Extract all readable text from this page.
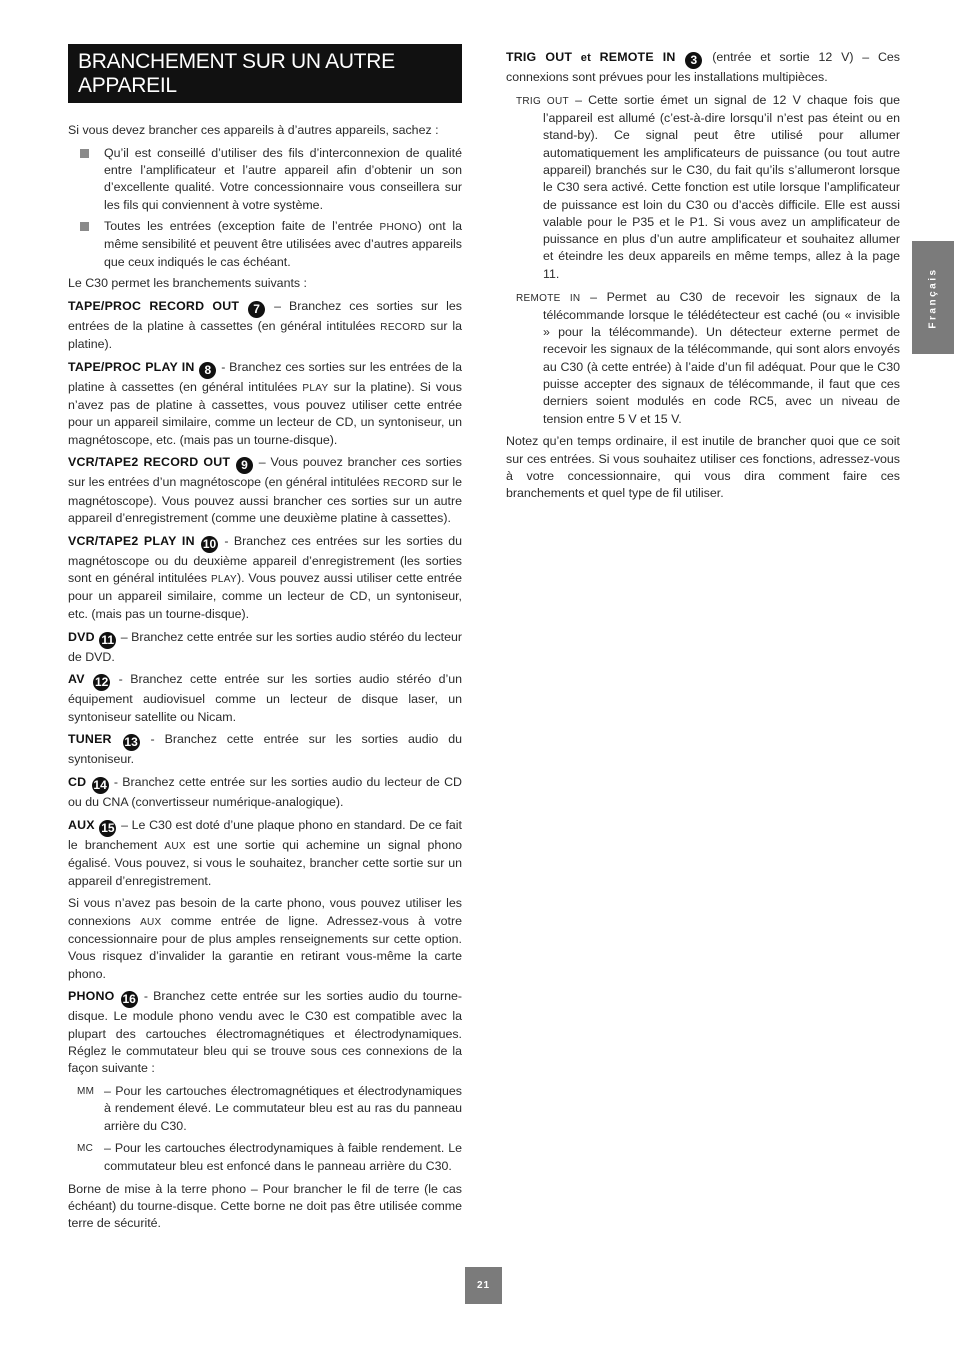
BRANCHEMENT SUR UN AUTRE APPAREIL

Si vous devez brancher ces appareils à d’autres appareils, sachez :

Qu’il est conseillé d’utiliser des fils d’interconnexion de qualité entre l’amplificateur et l’autre appareil afin d’obtenir un son d’excellente qualité. Votre concessionnaire vous conseillera sur les fils qui conviennent à votre système.
Toutes les entrées (exception faite de l’entrée PHONO) ont la même sensibilité et peuvent être utilisées avec d’autres appareils que ceux indiqués le cas échéant.

Le C30 permet les branchements suivants :

TAPE/PROC RECORD OUT 7 – Branchez ces sorties sur les entrées de la platine à cassettes (en général intitulées RECORD sur la platine).

TAPE/PROC PLAY IN 8 - Branchez ces sorties sur les entrées de la platine à cassettes (en général intitulées PLAY sur la platine). Si vous n’avez pas de platine à cassettes, vous pouvez utiliser cette entrée pour un appareil similaire, comme un lecteur de CD, un syntoniseur, un magnétoscope, etc. (mais pas un tourne-disque).

VCR/TAPE2 RECORD OUT 9 – Vous pouvez brancher ces sorties sur les entrées d’un magnétoscope (en général intitulées RECORD sur le magnétoscope). Vous pouvez aussi brancher ces sorties sur un autre appareil d’enregistrement (comme une deuxième platine à cassettes).

VCR/TAPE2 PLAY IN 10 - Branchez ces entrées sur les sorties du magnétoscope ou du deuxième appareil d’enregistrement (les sorties sont en général intitulées PLAY). Vous pouvez aussi utiliser cette entrée pour un appareil similaire, comme un lecteur de CD, un syntoniseur, etc. (mais pas un tourne-disque).

DVD 11 – Branchez cette entrée sur les sorties audio stéréo du lecteur de DVD.

AV 12 - Branchez cette entrée sur les sorties audio stéréo d’un équipement audiovisuel comme un lecteur de disque laser, un syntoniseur satellite ou Nicam.

TUNER 13 - Branchez cette entrée sur les sorties audio du syntoniseur.

CD 14 - Branchez cette entrée sur les sorties audio du lecteur de CD ou du CNA (convertisseur numérique-analogique).

AUX 15 – Le C30 est doté d’une plaque phono en standard. De ce fait le branchement AUX est une sortie qui achemine un signal phono égalisé. Vous pouvez, si vous le souhaitez, brancher cette sortie sur un appareil d’enregistrement.

Si vous n’avez pas besoin de la carte phono, vous pouvez utiliser les connexions AUX comme entrée de ligne. Adressez-vous à votre concessionnaire pour de plus amples renseignements sur cette option. Vous risquez d’invalider la garantie en retirant vous-même la carte phono.

PHONO 16 - Branchez cette entrée sur les sorties audio du tourne-disque. Le module phono vendu avec le C30 est compatible avec la plupart des cartouches électromagnétiques et électrodynamiques. Réglez le commutateur bleu qui se trouve sous ces connexions de la façon suivante :

MM – Pour les cartouches électromagnétiques et électrodynamiques à rendement élevé. Le commutateur bleu est au ras du panneau arrière du C30.
MC – Pour les cartouches électrodynamiques à faible rendement. Le commutateur bleu est enfoncé dans le panneau arrière du C30.

Borne de mise à la terre phono – Pour brancher le fil de terre (le cas échéant) du tourne-disque. Cette borne ne doit pas être utilisée comme terre de sécurité.

TRIG OUT et REMOTE IN 3 (entrée et sortie 12 V) – Ces connexions sont prévues pour les installations multipièces.

TRIG OUT – Cette sortie émet un signal de 12 V chaque fois que l’appareil est allumé (c’est-à-dire lorsqu’il n’est pas éteint ou en stand-by). Ce signal peut être utilisé pour allumer automatiquement les amplificateurs de puissance (ou tout autre appareil) branchés sur le C30, du fait qu’ils s’allumeront lorsque le C30 sera activé. Cette fonction est utile lorsque l’amplificateur de puissance est loin du C30 ou d’accès difficile. Elle est aussi valable pour le P35 et le P1. Si vous avez un amplificateur de puissance en plus d’un autre amplificateur et souhaitez allumer et éteindre les deux appareils en même temps, allez à la page 11.

REMOTE IN – Permet au C30 de recevoir les signaux de la télécommande lorsque le télédétecteur est caché (ou « invisible » pour la télécommande). Un détecteur externe permet de recevoir les signaux de la télécommande, qui sont alors envoyés au C30 (à cette entrée) à l’aide d’un fil adéquat. Pour que le C30 puisse accepter des signaux de télécommande, il faut que ces derniers soient modulés en code RC5, avec un niveau de tension entre 5 V et 15 V.

Notez qu’en temps ordinaire, il est inutile de brancher quoi que ce soit sur ces entrées. Si vous souhaitez utiliser ces fonctions, adressez-vous à votre concessionnaire, qui vous dira comment faire ces branchements et quel type de fil utiliser.

Français
21
